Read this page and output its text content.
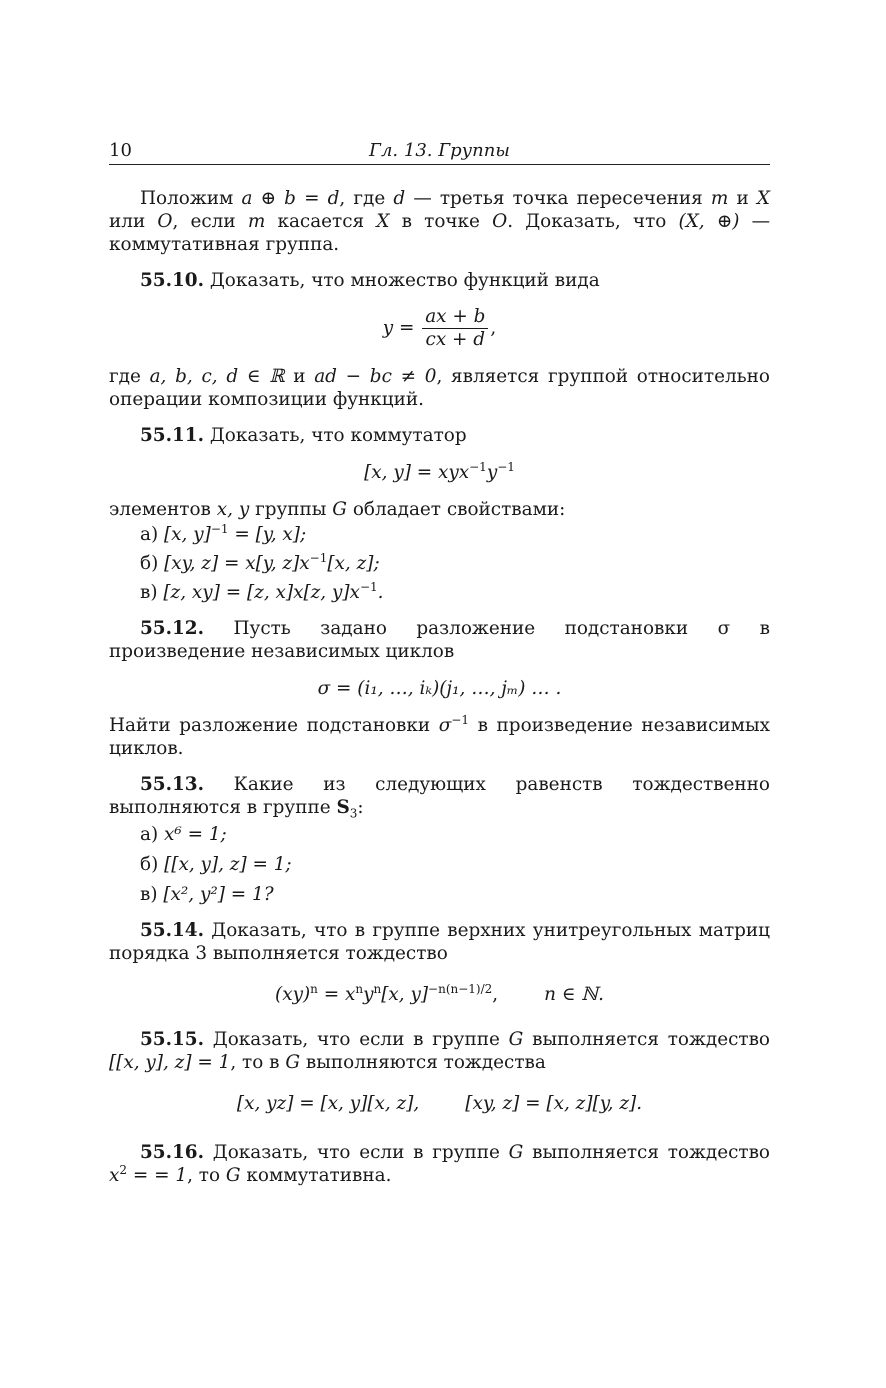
10	Гл. 13. Группы

Положим a ⊕ b = d, где d — третья точка пересечения m и X или O, если m касается X в точке O. Доказать, что (X, ⊕) — коммутативная группа.

55.10. Доказать, что множество функций вида

$y = \frac{ax + b}{cx + d}$ ,

где a, b, c, d ∈ ℝ и ad − bc ≠ 0, является группой относительно операции композиции функций.

55.11. Доказать, что коммутатор

[x, $y] = xyx^{-1}y^{-1}$

элементов x, y группы G обладает свойствами:

а) [x, y]$^{-1}$ = [y, x];
б) [xy, z] = x[y, $z]x^{-1}[x$, z];
в) [z, xy] = [z, x]x[z, $y]x^{-1}$.

55.12. Пусть задано разложение подстановки σ в произведение независимых циклов

σ = (i₁, …, iₖ)(j₁, …, jₘ) … .

Найти разложение подстановки $\sigma^{-1}$ в произведение независимых циклов.

55.13. Какие из следующих равенств тождественно выполняются в группе $S_3$:

а) x⁶ = 1;
б) [[x, y], z] = 1;
в) [x², y²] = 1?

55.14. Доказать, что в группе верхних унитреугольных матриц порядка 3 выполняется тождество

$(xy)^n = x^ny^n[x$, y]$^{-n(n-1)/2}$,	n ∈ ℕ.

55.15. Доказать, что если в группе G выполняется тождество [[x, y], z] = 1, то в G выполняются тождества

[x, yz] = [x, y][x, z],	[xy, z] = [x, z][y, z].

55.16. Доказать, что если в группе G выполняется тождество $x^2$ = = 1, то G коммутативна.
